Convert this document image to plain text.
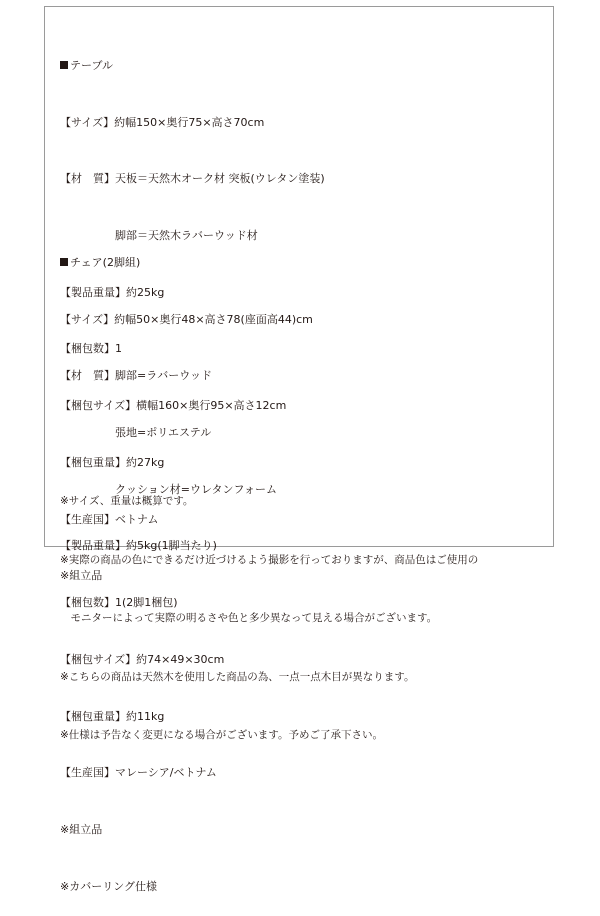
テーブル

【サイズ】約幅150×奥行75×高さ70cm

【材　質】天板＝天然木オーク材 突板(ウレタン塗装)

　　　　　脚部＝天然木ラバーウッド材

【製品重量】約25kg

【梱包数】1

【梱包サイズ】横幅160×奥行95×高さ12cm

【梱包重量】約27kg

【生産国】ベトナム

※組立品

チェア(2脚組)

【サイズ】約幅50×奥行48×高さ78(座面高44)cm

【材　質】脚部=ラバーウッド

　　　　　張地=ポリエステル

　　　　　クッション材=ウレタンフォーム

【製品重量】約5kg(1脚当たり)

【梱包数】1(2脚1梱包)

【梱包サイズ】約74×49×30cm

【梱包重量】約11kg

【生産国】マレーシア/ベトナム

※組立品

※カバーリング仕様

※サイズ、重量は概算です。

※実際の商品の色にできるだけ近づけるよう撮影を行っておりますが、商品色はご使用の

　モニターによって実際の明るさや色と多少異なって見える場合がございます。

※こちらの商品は天然木を使用した商品の為、一点一点木目が異なります。

※仕様は予告なく変更になる場合がございます。予めご了承下さい。
